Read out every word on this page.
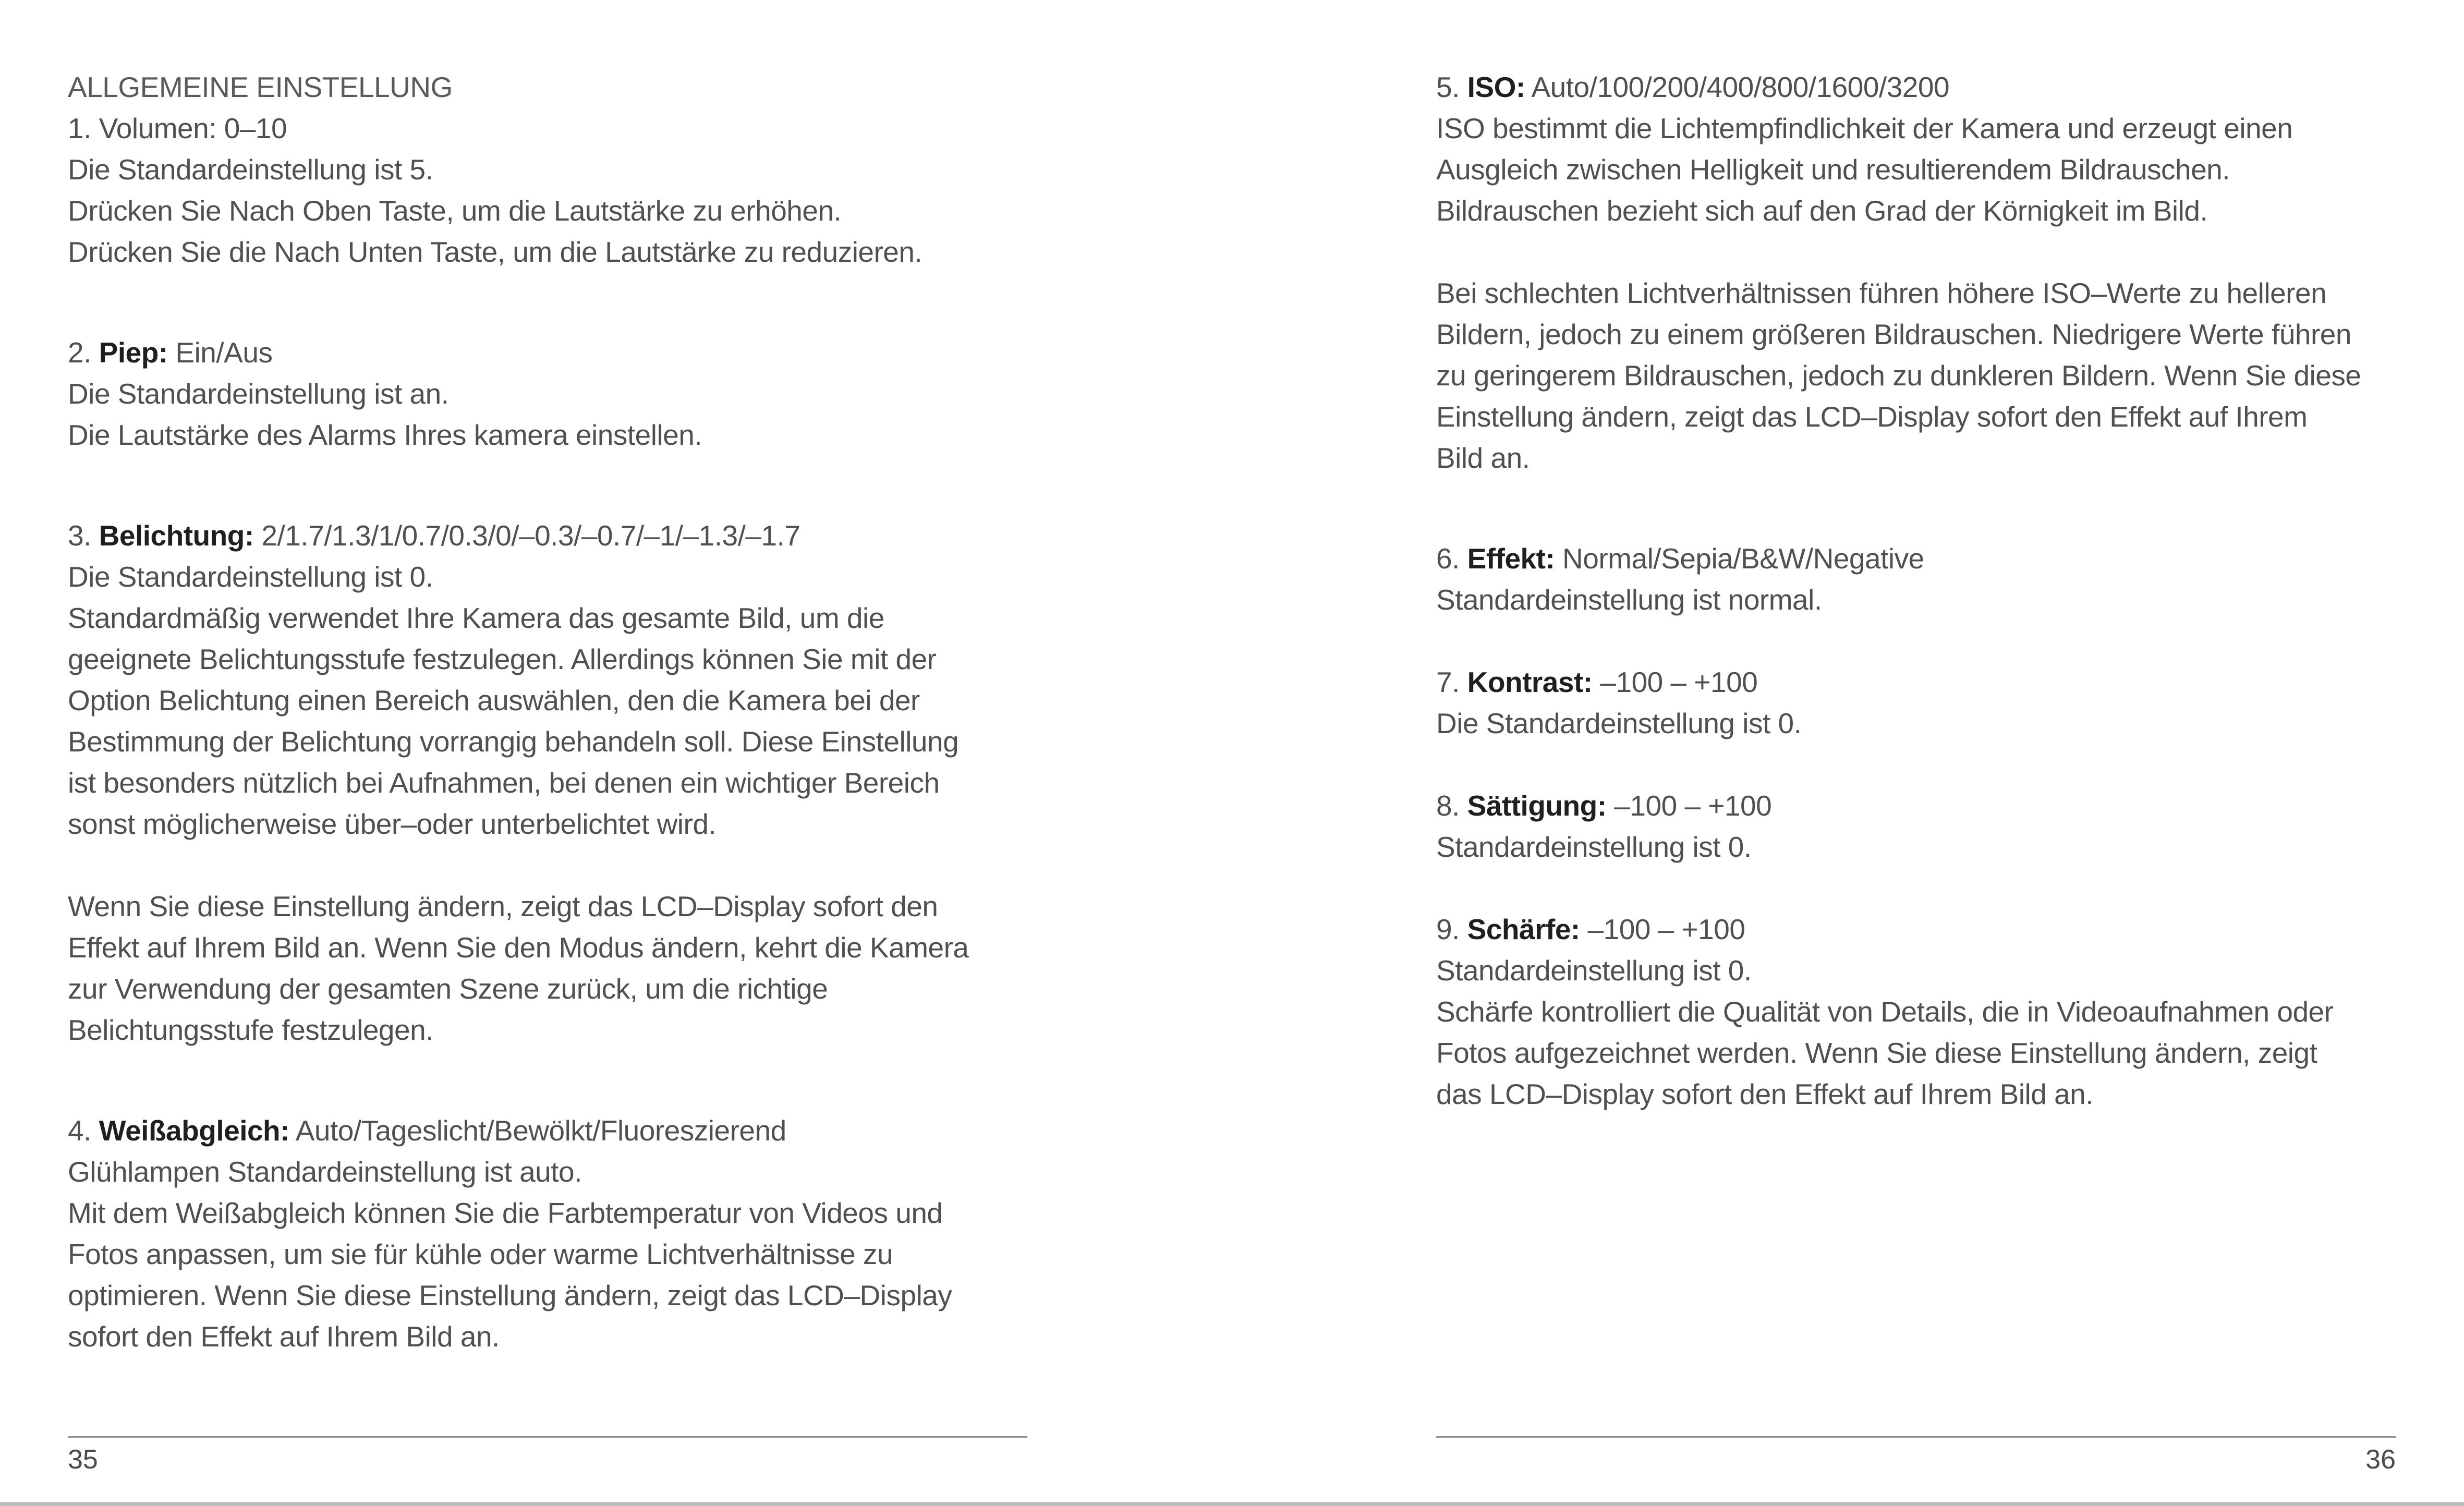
ALLGEMEINE EINSTELLUNG
1. Volumen: 0–10
Die Standardeinstellung ist 5.
Drücken Sie Nach Oben Taste, um die Lautstärke zu erhöhen.
Drücken Sie die Nach Unten Taste, um die Lautstärke zu reduzieren.
2. Piep: Ein/Aus
Die Standardeinstellung ist an.
Die Lautstärke des Alarms Ihres kamera einstellen.
3. Belichtung: 2/1.7/1.3/1/0.7/0.3/0/–0.3/–0.7/–1/–1.3/–1.7
Die Standardeinstellung ist 0.
Standardmäßig verwendet Ihre Kamera das gesamte Bild, um die
geeignete Belichtungsstufe festzulegen. Allerdings können Sie mit der
Option Belichtung einen Bereich auswählen, den die Kamera bei der
Bestimmung der Belichtung vorrangig behandeln soll. Diese Einstellung
ist besonders nützlich bei Aufnahmen, bei denen ein wichtiger Bereich
sonst möglicherweise über–oder unterbelichtet wird.
Wenn Sie diese Einstellung ändern, zeigt das LCD–Display sofort den
Effekt auf Ihrem Bild an. Wenn Sie den Modus ändern, kehrt die Kamera
zur Verwendung der gesamten Szene zurück, um die richtige
Belichtungsstufe festzulegen.
4. Weißabgleich: Auto/Tageslicht/Bewölkt/Fluoreszierend
Glühlampen Standardeinstellung ist auto.
Mit dem Weißabgleich können Sie die Farbtemperatur von Videos und
Fotos anpassen, um sie für kühle oder warme Lichtverhältnisse zu
optimieren. Wenn Sie diese Einstellung ändern, zeigt das LCD–Display
sofort den Effekt auf Ihrem Bild an.
35
5. ISO: Auto/100/200/400/800/1600/3200
ISO bestimmt die Lichtempfindlichkeit der Kamera und erzeugt einen
Ausgleich zwischen Helligkeit und resultierendem Bildrauschen.
Bildrauschen bezieht sich auf den Grad der Körnigkeit im Bild.
Bei schlechten Lichtverhältnissen führen höhere ISO–Werte zu helleren
Bildern, jedoch zu einem größeren Bildrauschen. Niedrigere Werte führen
zu geringerem Bildrauschen, jedoch zu dunkleren Bildern. Wenn Sie diese
Einstellung ändern, zeigt das LCD–Display sofort den Effekt auf Ihrem
Bild an.
6. Effekt: Normal/Sepia/B&W/Negative
Standardeinstellung ist normal.
7. Kontrast: –100 – +100
Die Standardeinstellung ist 0.
8. Sättigung: –100 – +100
Standardeinstellung ist 0.
9. Schärfe: –100 – +100
Standardeinstellung ist 0.
Schärfe kontrolliert die Qualität von Details, die in Videoaufnahmen oder
Fotos aufgezeichnet werden. Wenn Sie diese Einstellung ändern, zeigt
das LCD–Display sofort den Effekt auf Ihrem Bild an.
36
